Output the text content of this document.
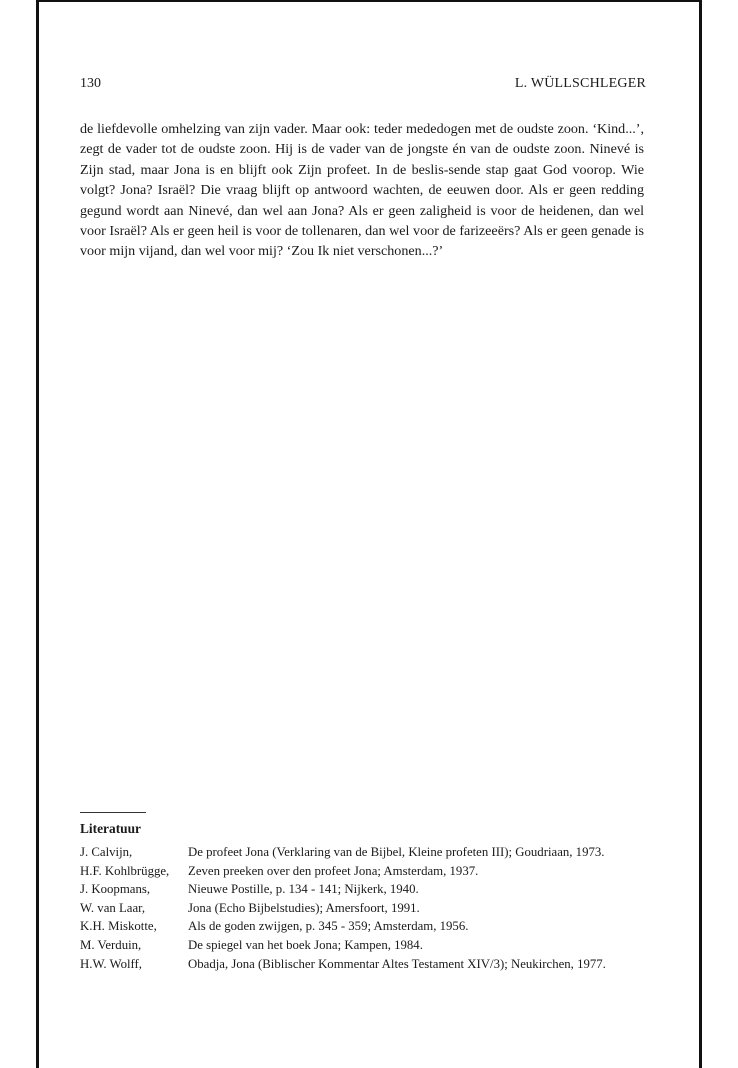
130	L. WÜLLSCHLEGER

de liefdevolle omhelzing van zijn vader. Maar ook: teder mededogen met de oudste zoon. ‘Kind...’, zegt de vader tot de oudste zoon. Hij is de vader van de jongste én van de oudste zoon. Ninevé is Zijn stad, maar Jona is en blijft ook Zijn profeet. In de beslis-sende stap gaat God voorop. Wie volgt? Jona? Israël? Die vraag blijft op antwoord wachten, de eeuwen door. Als er geen redding gegund wordt aan Ninevé, dan wel aan Jona? Als er geen zaligheid is voor de heidenen, dan wel voor Israël? Als er geen heil is voor de tollenaren, dan wel voor de farizeeërs? Als er geen genade is voor mijn vijand, dan wel voor mij? ‘Zou Ik niet verschonen...?’

Literatuur
J. Calvijn,	De profeet Jona (Verklaring van de Bijbel, Kleine profeten III); Goudriaan, 1973.
H.F. Kohlbrügge,	Zeven preeken over den profeet Jona; Amsterdam, 1937.
J. Koopmans,	Nieuwe Postille, p. 134 - 141; Nijkerk, 1940.
W. van Laar,	Jona (Echo Bijbelstudies); Amersfoort, 1991.
K.H. Miskotte,	Als de goden zwijgen, p. 345 - 359; Amsterdam, 1956.
M. Verduin,	De spiegel van het boek Jona; Kampen, 1984.
H.W. Wolff,	Obadja, Jona (Biblischer Kommentar Altes Testament XIV/3); Neukirchen, 1977.
